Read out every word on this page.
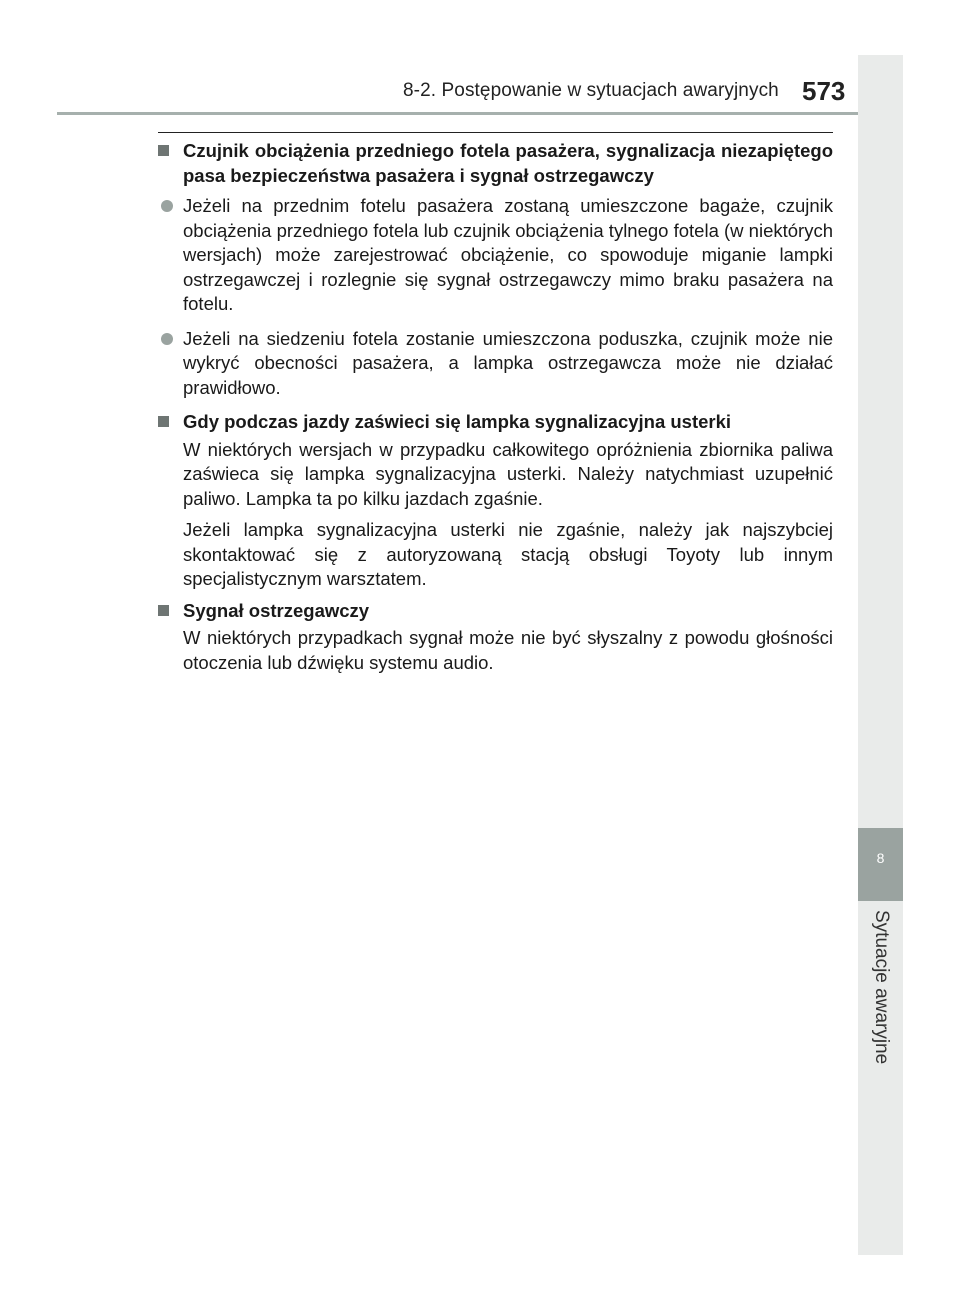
8-2. Postępowanie w sytuacjach awaryjnych 573
8
Sytuacje awaryjne
Czujnik obciążenia przedniego fotela pasażera, sygnalizacja niezapiętego pasa bezpieczeństwa pasażera i sygnał ostrzegawczy
Jeżeli na przednim fotelu pasażera zostaną umieszczone bagaże, czujnik obciążenia przedniego fotela lub czujnik obciążenia tylnego fotela (w niektórych wersjach) może zarejestrować obciążenie, co spowoduje miganie lampki ostrzegawczej i rozlegnie się sygnał ostrzegawczy mimo braku pasażera na fotelu.
Jeżeli na siedzeniu fotela zostanie umieszczona poduszka, czujnik może nie wykryć obecności pasażera, a lampka ostrzegawcza może nie działać prawidłowo.
Gdy podczas jazdy zaświeci się lampka sygnalizacyjna usterki
W niektórych wersjach w przypadku całkowitego opróżnienia zbiornika paliwa zaświeca się lampka sygnalizacyjna usterki. Należy natychmiast uzupełnić paliwo. Lampka ta po kilku jazdach zgaśnie.
Jeżeli lampka sygnalizacyjna usterki nie zgaśnie, należy jak najszybciej skontaktować się z autoryzowaną stacją obsługi Toyoty lub innym specjalistycznym warsztatem.
Sygnał ostrzegawczy
W niektórych przypadkach sygnał może nie być słyszalny z powodu głośności otoczenia lub dźwięku systemu audio.
